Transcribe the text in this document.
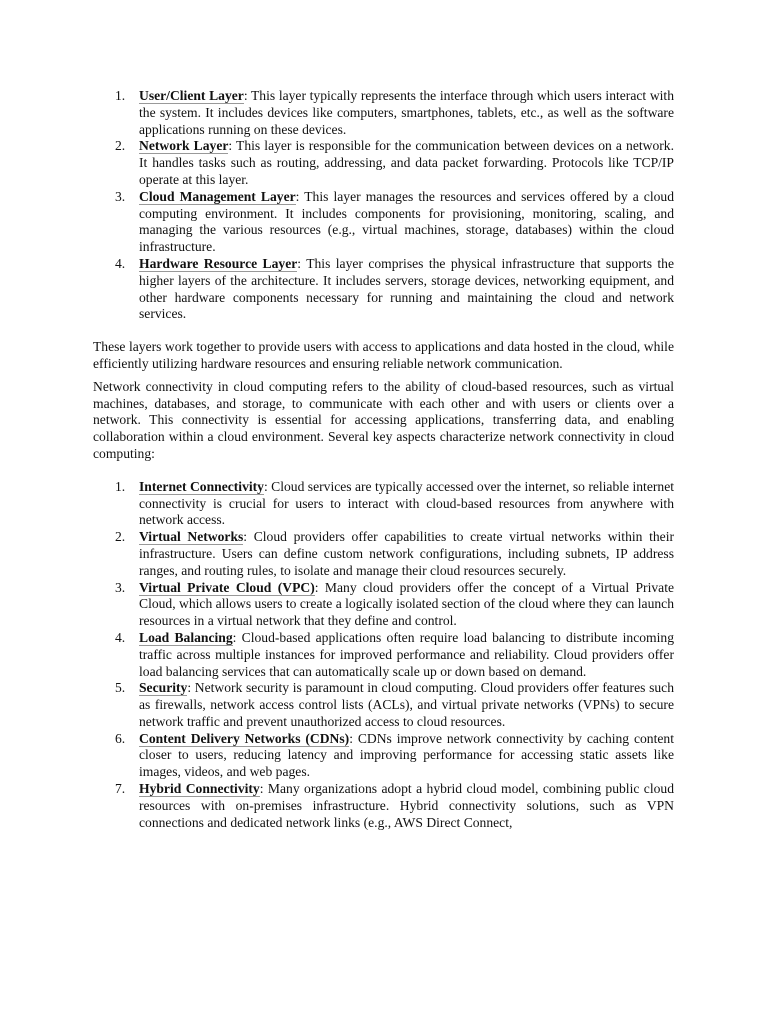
1. User/Client Layer: This layer typically represents the interface through which users interact with the system. It includes devices like computers, smartphones, tablets, etc., as well as the software applications running on these devices.
2. Network Layer: This layer is responsible for the communication between devices on a network. It handles tasks such as routing, addressing, and data packet forwarding. Protocols like TCP/IP operate at this layer.
3. Cloud Management Layer: This layer manages the resources and services offered by a cloud computing environment. It includes components for provisioning, monitoring, scaling, and managing the various resources (e.g., virtual machines, storage, databases) within the cloud infrastructure.
4. Hardware Resource Layer: This layer comprises the physical infrastructure that supports the higher layers of the architecture. It includes servers, storage devices, networking equipment, and other hardware components necessary for running and maintaining the cloud and network services.

These layers work together to provide users with access to applications and data hosted in the cloud, while efficiently utilizing hardware resources and ensuring reliable network communication.

Network connectivity in cloud computing refers to the ability of cloud-based resources, such as virtual machines, databases, and storage, to communicate with each other and with users or clients over a network. This connectivity is essential for accessing applications, transferring data, and enabling collaboration within a cloud environment. Several key aspects characterize network connectivity in cloud computing:

1. Internet Connectivity: Cloud services are typically accessed over the internet, so reliable internet connectivity is crucial for users to interact with cloud-based resources from anywhere with network access.
2. Virtual Networks: Cloud providers offer capabilities to create virtual networks within their infrastructure. Users can define custom network configurations, including subnets, IP address ranges, and routing rules, to isolate and manage their cloud resources securely.
3. Virtual Private Cloud (VPC): Many cloud providers offer the concept of a Virtual Private Cloud, which allows users to create a logically isolated section of the cloud where they can launch resources in a virtual network that they define and control.
4. Load Balancing: Cloud-based applications often require load balancing to distribute incoming traffic across multiple instances for improved performance and reliability. Cloud providers offer load balancing services that can automatically scale up or down based on demand.
5. Security: Network security is paramount in cloud computing. Cloud providers offer features such as firewalls, network access control lists (ACLs), and virtual private networks (VPNs) to secure network traffic and prevent unauthorized access to cloud resources.
6. Content Delivery Networks (CDNs): CDNs improve network connectivity by caching content closer to users, reducing latency and improving performance for accessing static assets like images, videos, and web pages.
7. Hybrid Connectivity: Many organizations adopt a hybrid cloud model, combining public cloud resources with on-premises infrastructure. Hybrid connectivity solutions, such as VPN connections and dedicated network links (e.g., AWS Direct Connect,
